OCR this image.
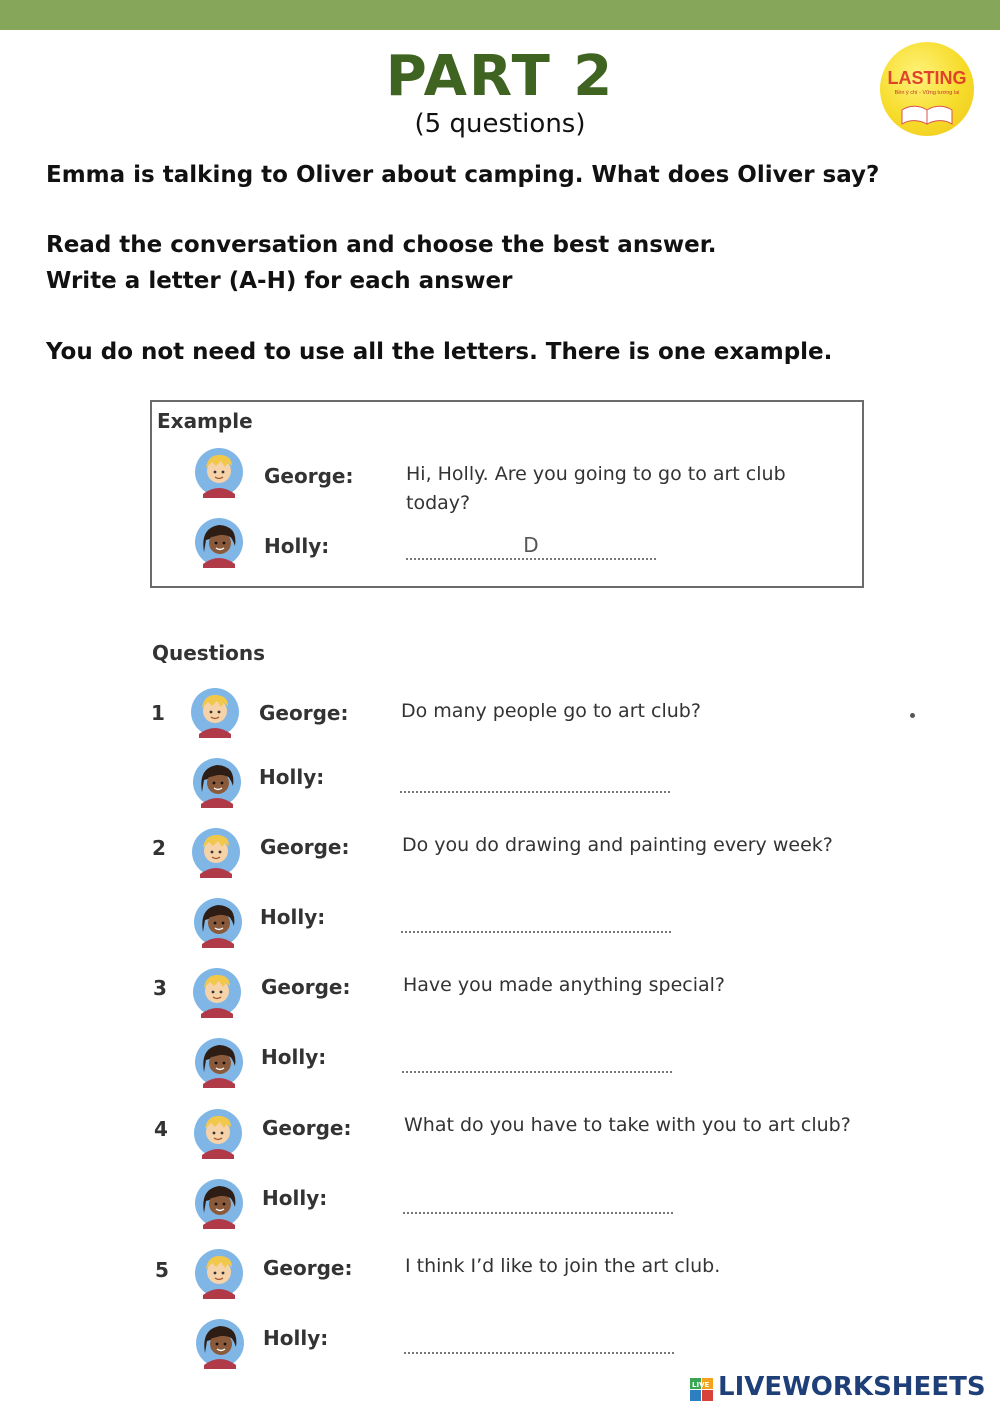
PART 2
(5 questions)
LASTING
Bền ý chí - Vững tương lai
Emma is talking to Oliver about camping. What does Oliver say?
Read the conversation and choose the best answer.
Write a letter (A-H) for each answer
You do not need to use all the letters. There is one example.
Example
George:	Hi, Holly. Are you going to go to art club
today?
Holly:	D
Questions
1	George:	Do many people go to art club?
Holly:
2	George:	Do you do drawing and painting every week?
Holly:
3	George:	Have you made anything special?
Holly:
4	George:	What do you have to take with you to art club?
Holly:
5	George:	I think I’d like to join the art club.
Holly:
LIVE LIVEWORKSHEETS
